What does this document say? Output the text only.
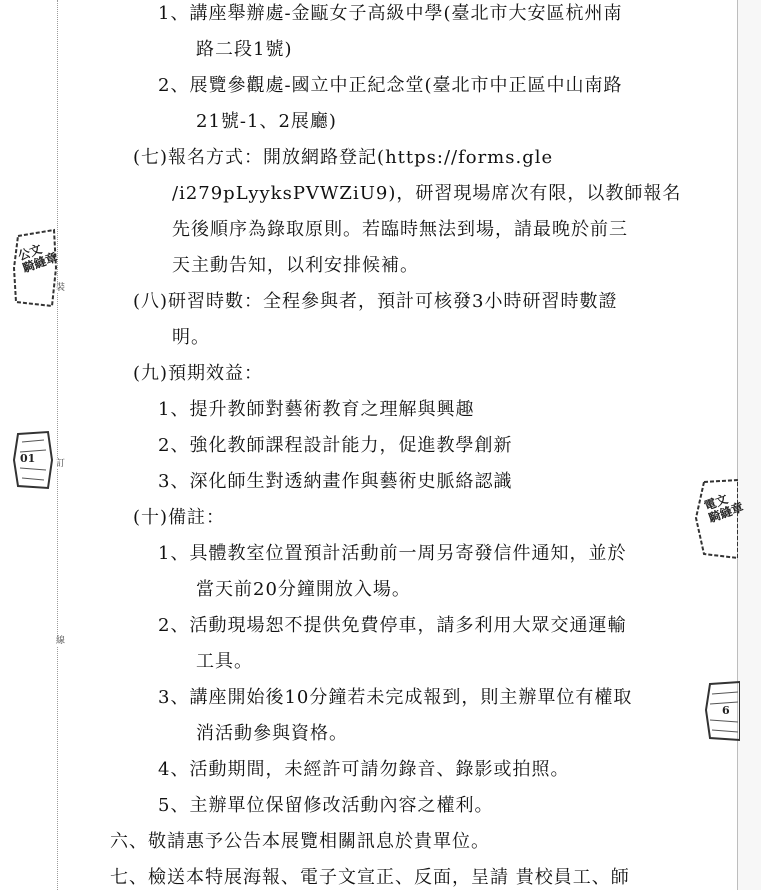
裝
訂
線
公文
騎縫章
01
電文
騎縫章
6
1、講座舉辦處-金甌女子高級中學(臺北市大安區杭州南
路二段1號)
2、展覽參觀處-國立中正紀念堂(臺北市中正區中山南路
21號-1、2展廳)
(七)報名方式：開放網路登記(https://forms.gle
/i279pLyyksPVWZiU9)，研習現場席次有限，以教師報名
先後順序為錄取原則。若臨時無法到場，請最晚於前三
天主動告知，以利安排候補。
(八)研習時數：全程參與者，預計可核發3小時研習時數證
明。
(九)預期效益：
1、提升教師對藝術教育之理解與興趣
2、強化教師課程設計能力，促進教學創新
3、深化師生對透納畫作與藝術史脈絡認識
(十)備註：
1、具體教室位置預計活動前一周另寄發信件通知，並於
當天前20分鐘開放入場。
2、活動現場恕不提供免費停車，請多利用大眾交通運輸
工具。
3、講座開始後10分鐘若未完成報到，則主辦單位有權取
消活動參與資格。
4、活動期間，未經許可請勿錄音、錄影或拍照。
5、主辦單位保留修改活動內容之權利。
六、敬請惠予公告本展覽相關訊息於貴單位。
七、檢送本特展海報、電子文宣正、反面，呈請 貴校員工、師
